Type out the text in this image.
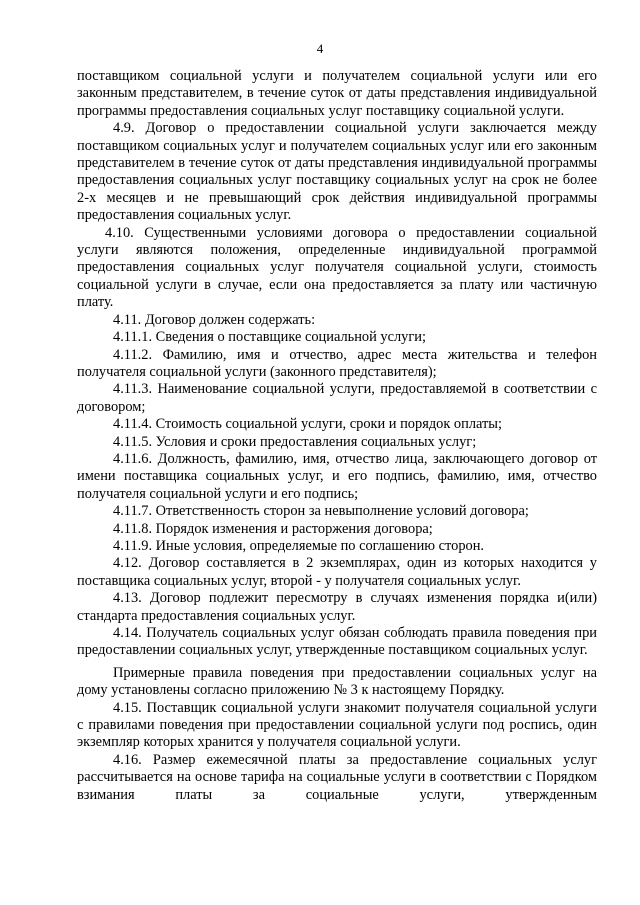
4

поставщиком социальной услуги и получателем социальной услуги или его законным представителем, в течение суток от даты представления индивидуальной программы предоставления социальных услуг поставщику социальной услуги.

4.9. Договор о предоставлении социальной услуги заключается между поставщиком социальных услуг и получателем социальных услуг или его законным представителем в течение суток от даты представления индивидуальной программы предоставления социальных услуг поставщику социальных услуг на срок не более 2-х месяцев и не превышающий срок действия индивидуальной программы предоставления социальных услуг.

4.10. Существенными условиями договора о предоставлении социальной услуги являются положения, определенные индивидуальной программой предоставления социальных услуг получателя социальной услуги, стоимость социальной услуги в случае, если она предоставляется за плату или частичную плату.

4.11. Договор должен содержать:

4.11.1. Сведения о поставщике социальной услуги;

4.11.2. Фамилию, имя и отчество, адрес места жительства и телефон получателя социальной услуги (законного представителя);

4.11.3. Наименование социальной услуги, предоставляемой в соответствии с договором;

4.11.4. Стоимость социальной услуги, сроки и порядок оплаты;

4.11.5. Условия и сроки предоставления социальных услуг;

4.11.6. Должность, фамилию, имя, отчество лица, заключающего договор от имени поставщика социальных услуг, и его подпись, фамилию, имя, отчество получателя социальной услуги и его подпись;

4.11.7. Ответственность сторон за невыполнение условий договора;

4.11.8. Порядок изменения и расторжения договора;

4.11.9. Иные условия, определяемые по соглашению сторон.

4.12. Договор составляется в 2 экземплярах, один из которых находится у поставщика социальных услуг, второй - у получателя социальных услуг.

4.13. Договор подлежит пересмотру в случаях изменения порядка и(или) стандарта предоставления социальных услуг.

4.14. Получатель социальных услуг обязан соблюдать правила поведения при предоставлении социальных услуг, утвержденные поставщиком социальных услуг.

Примерные правила поведения при предоставлении социальных услуг на дому установлены согласно приложению № 3 к настоящему Порядку.

4.15. Поставщик социальной услуги знакомит получателя социальной услуги с правилами поведения при предоставлении социальной услуги под роспись, один экземпляр которых хранится у получателя социальной услуги.

4.16. Размер ежемесячной платы за предоставление социальных услуг рассчитывается на основе тарифа на социальные услуги в соответствии с Порядком взимания платы за социальные услуги, утвержденным
